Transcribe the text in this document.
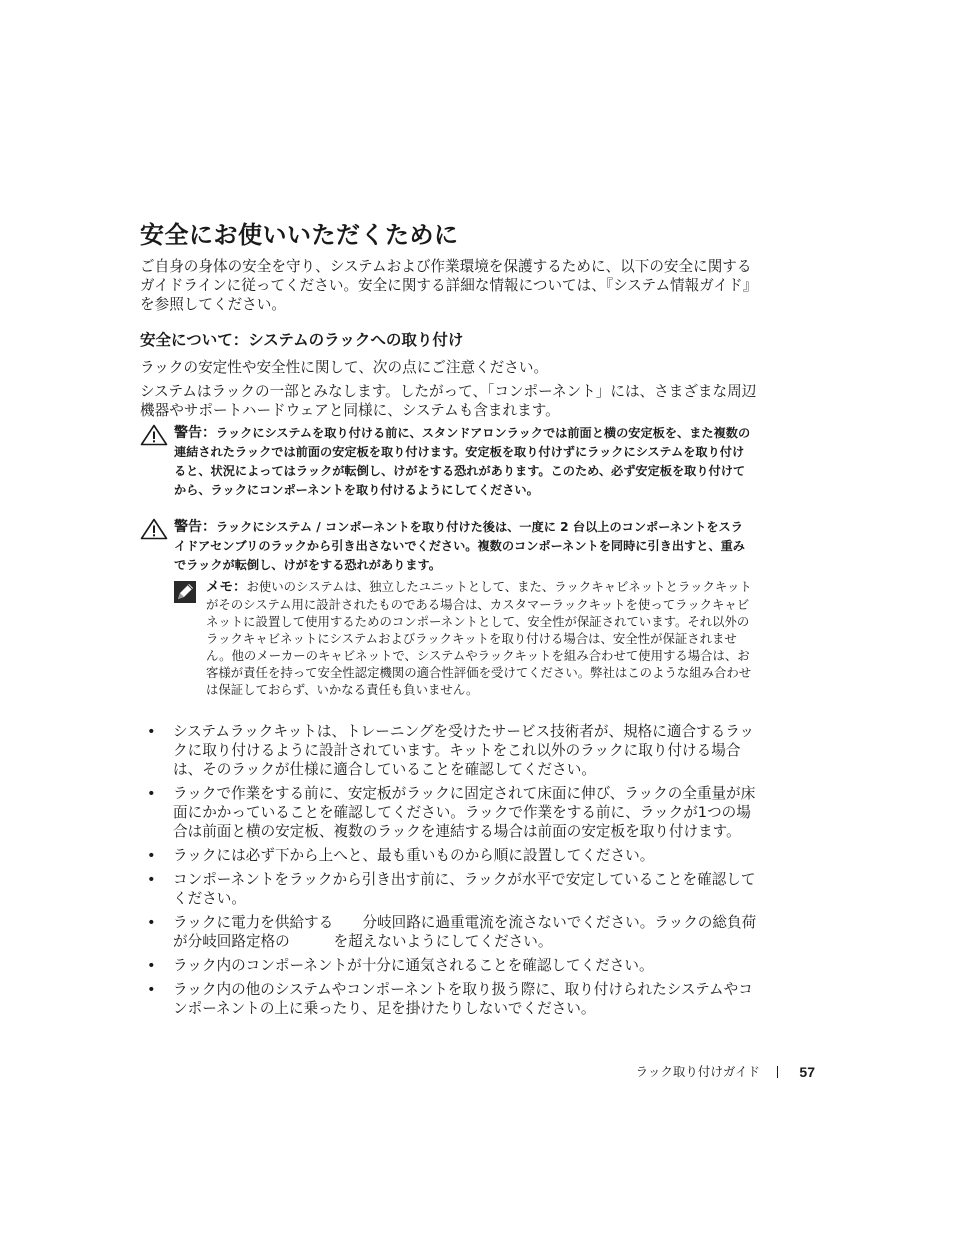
安全にお使いいただくために

ご自身の身体の安全を守り、システムおよび作業環境を保護するために、以下の安全に関するガイドラインに従ってください。安全に関する詳細な情報については、『システム情報ガイド』を参照してください。

安全について：システムのラックへの取り付け

ラックの安定性や安全性に関して、次の点にご注意ください。

システムはラックの一部とみなします。したがって、「コンポーネント」には、さまざまな周辺機器やサポートハードウェアと同様に、システムも含まれます。

警告：ラックにシステムを取り付ける前に、スタンドアロンラックでは前面と横の安定板を、また複数の連結されたラックでは前面の安定板を取り付けます。安定板を取り付けずにラックにシステムを取り付けると、状況によってはラックが転倒し、けがをする恐れがあります。このため、必ず安定板を取り付けてから、ラックにコンポーネントを取り付けるようにしてください。

警告：ラックにシステム / コンポーネントを取り付けた後は、一度に 2 台以上のコンポーネントをスライドアセンブリのラックから引き出さないでください。複数のコンポーネントを同時に引き出すと、重みでラックが転倒し、けがをする恐れがあります。

メモ：お使いのシステムは、独立したユニットとして、また、ラックキャビネットとラックキットがそのシステム用に設計されたものである場合は、カスタマーラックキットを使ってラックキャビネットに設置して使用するためのコンポーネントとして、安全性が保証されています。それ以外のラックキャビネットにシステムおよびラックキットを取り付ける場合は、安全性が保証されません。他のメーカーのキャビネットで、システムやラックキットを組み合わせて使用する場合は、お客様が責任を持って安全性認定機関の適合性評価を受けてください。弊社はこのような組み合わせは保証しておらず、いかなる責任も負いません。

• システムラックキットは、トレーニングを受けたサービス技術者が、規格に適合するラックに取り付けるように設計されています。キットをこれ以外のラックに取り付ける場合は、そのラックが仕様に適合していることを確認してください。
• ラックで作業をする前に、安定板がラックに固定されて床面に伸び、ラックの全重量が床面にかかっていることを確認してください。ラックで作業をする前に、ラックが1つの場合は前面と横の安定板、複数のラックを連結する場合は前面の安定板を取り付けます。
• ラックには必ず下から上へと、最も重いものから順に設置してください。
• コンポーネントをラックから引き出す前に、ラックが水平で安定していることを確認してください。
• ラックに電力を供給する　　分岐回路に過重電流を流さないでください。ラックの総負荷が分岐回路定格の　　　を超えないようにしてください。
• ラック内のコンポーネントが十分に通気されることを確認してください。
• ラック内の他のシステムやコンポーネントを取り扱う際に、取り付けられたシステムやコンポーネントの上に乗ったり、足を掛けたりしないでください。
ラック取り付けガイド	57
